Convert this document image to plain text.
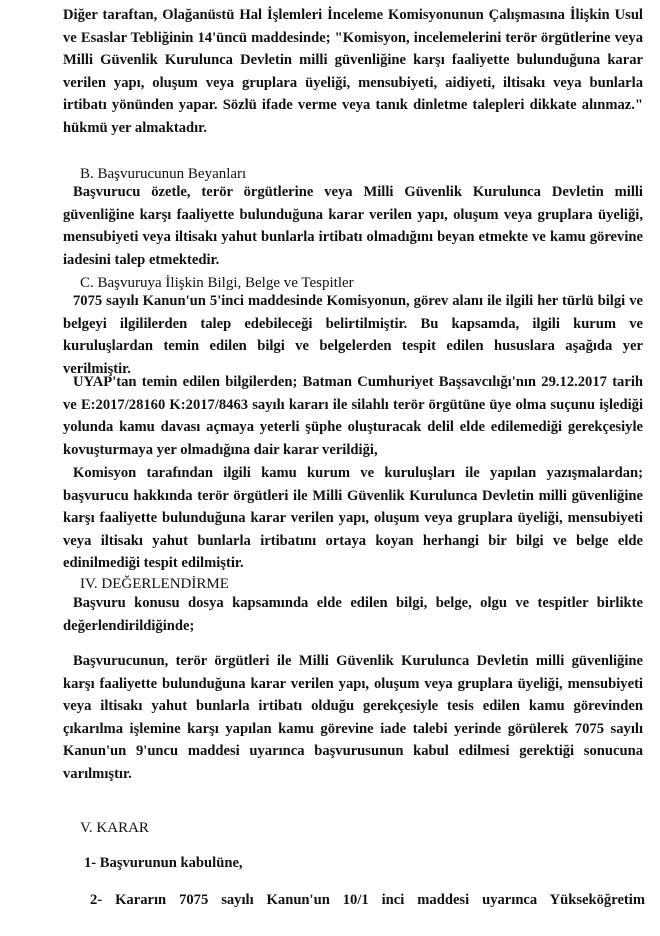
Diğer taraftan, Olağanüstü Hal İşlemleri İnceleme Komisyonunun Çalışmasına İlişkin Usul ve Esaslar Tebliğinin 14'üncü maddesinde; "Komisyon, incelemelerini terör örgütlerine veya Milli Güvenlik Kurulunca Devletin milli güvenliğine karşı faaliyette bulunduğuna karar verilen yapı, oluşum veya gruplara üyeliği, mensubiyeti, aidiyeti, iltisakı veya bunlarla irtibatı yönünden yapar. Sözlü ifade verme veya tanık dinletme talepleri dikkate alınmaz." hükmü yer almaktadır.

B. Başvurucunun Beyanları

Başvurucu özetle, terör örgütlerine veya Milli Güvenlik Kurulunca Devletin milli güvenliğine karşı faaliyette bulunduğuna karar verilen yapı, oluşum veya gruplara üyeliği, mensubiyeti veya iltisakı yahut bunlarla irtibatı olmadığını beyan etmekte ve kamu görevine iadesini talep etmektedir.

C. Başvuruya İlişkin Bilgi, Belge ve Tespitler

7075 sayılı Kanun'un 5'inci maddesinde Komisyonun, görev alanı ile ilgili her türlü bilgi ve belgeyi ilgililerden talep edebileceği belirtilmiştir. Bu kapsamda, ilgili kurum ve kuruluşlardan temin edilen bilgi ve belgelerden tespit edilen hususlara aşağıda yer verilmiştir.

UYAP'tan temin edilen bilgilerden; Batman Cumhuriyet Başsavcılığı'nın 29.12.2017 tarih ve E:2017/28160 K:2017/8463 sayılı kararı ile silahlı terör örgütüne üye olma suçunu işlediği yolunda kamu davası açmaya yeterli şüphe oluşturacak delil elde edilemediği gerekçesiyle kovuşturmaya yer olmadığına dair karar verildiği,

Komisyon tarafından ilgili kamu kurum ve kuruluşları ile yapılan yazışmalardan; başvurucu hakkında terör örgütleri ile Milli Güvenlik Kurulunca Devletin milli güvenliğine karşı faaliyette bulunduğuna karar verilen yapı, oluşum veya gruplara üyeliği, mensubiyeti veya iltisakı yahut bunlarla irtibatını ortaya koyan herhangi bir bilgi ve belge elde edinilmediği tespit edilmiştir.

IV. DEĞERLENDİRME

Başvuru konusu dosya kapsamında elde edilen bilgi, belge, olgu ve tespitler birlikte değerlendirildiğinde;

Başvurucunun, terör örgütleri ile Milli Güvenlik Kurulunca Devletin milli güvenliğine karşı faaliyette bulunduğuna karar verilen yapı, oluşum veya gruplara üyeliği, mensubiyeti veya iltisakı yahut bunlarla irtibatı olduğu gerekçesiyle tesis edilen kamu görevinden çıkarılma işlemine karşı yapılan kamu görevine iade talebi yerinde görülerek 7075 sayılı Kanun'un 9'uncu maddesi uyarınca başvurusunun kabul edilmesi gerektiği sonucuna varılmıştır.

V. KARAR

1- Başvurunun kabulüne,

2- Kararın 7075 sayılı Kanun'un 10/1 inci maddesi uyarınca Yükseköğretim
